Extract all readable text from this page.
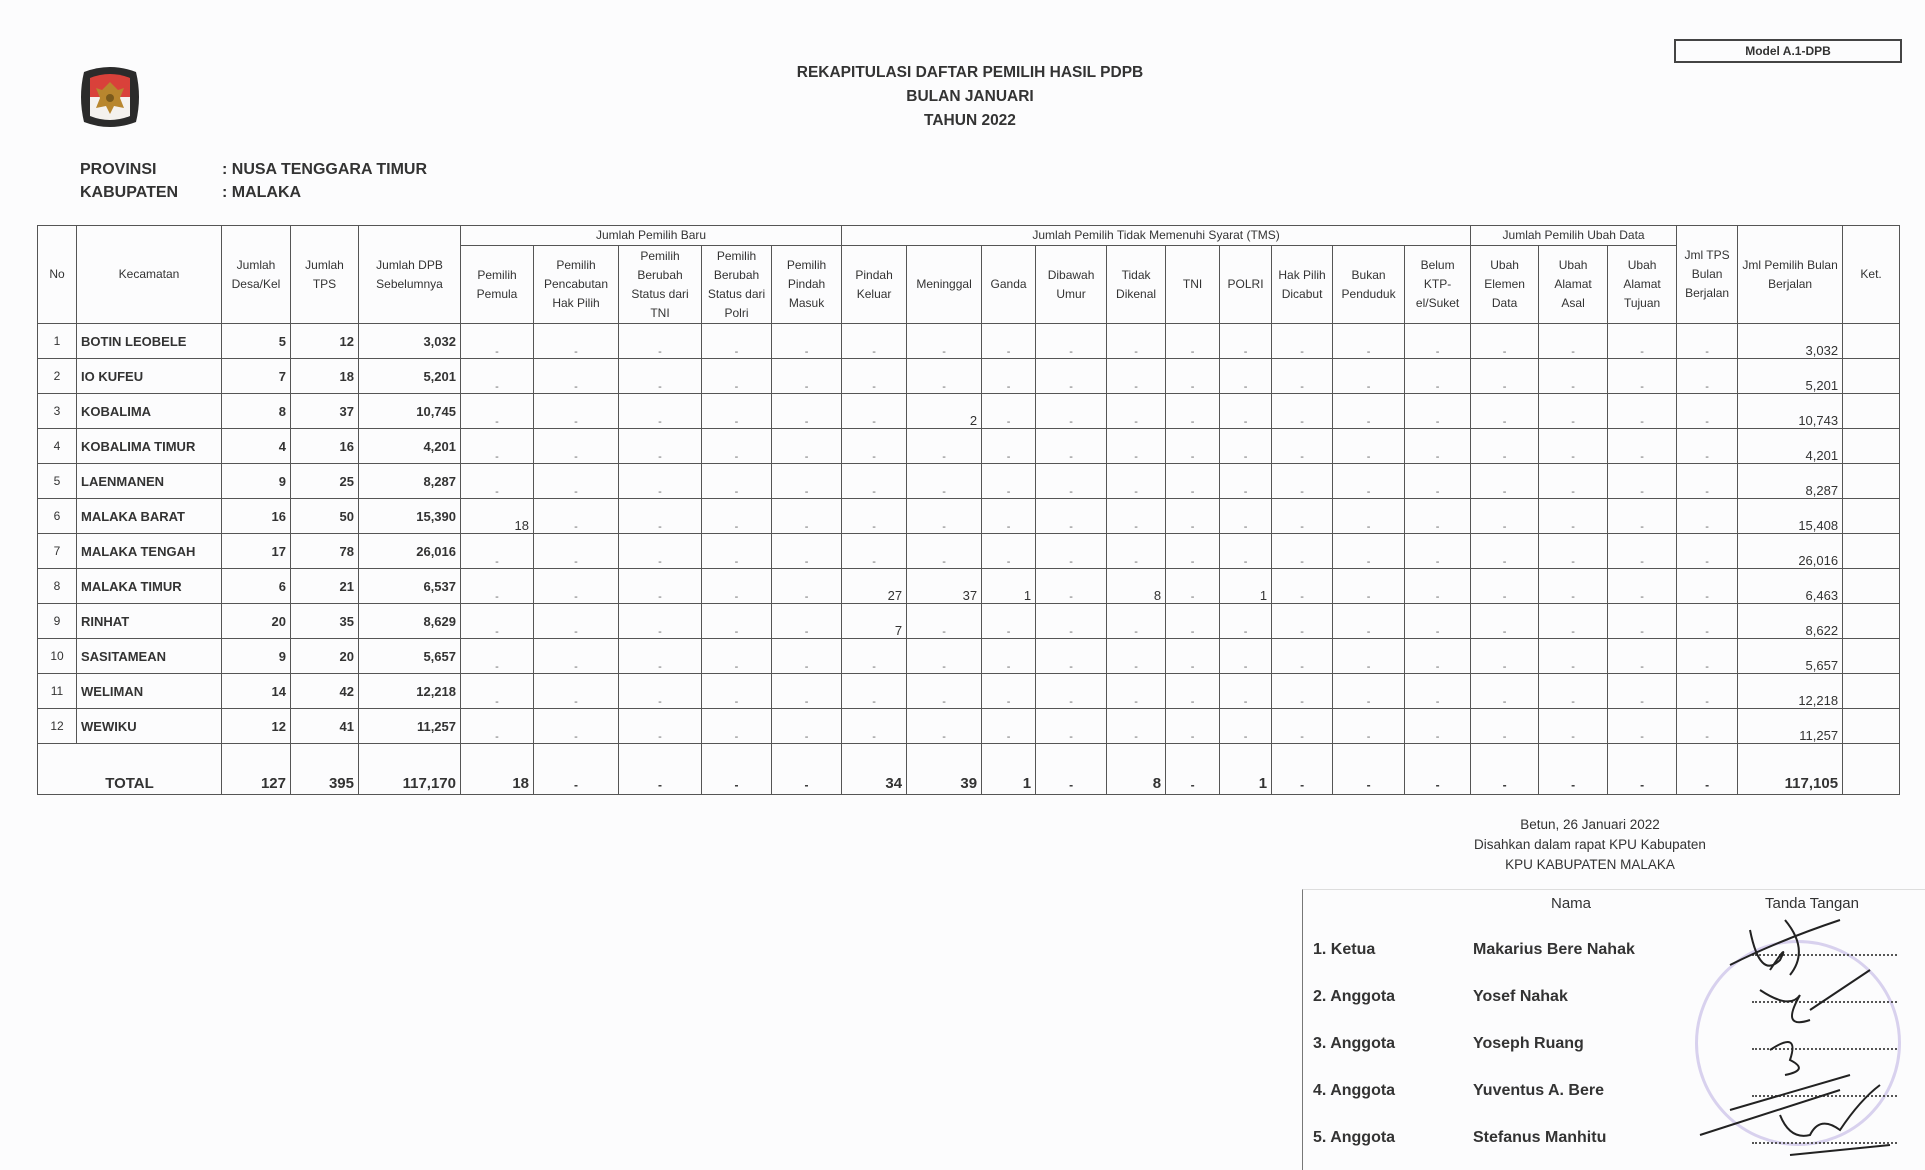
Model A.1-DPB
REKAPITULASI DAFTAR PEMILIH HASIL PDPB
BULAN JANUARI
TAHUN 2022
PROVINSI	: NUSA TENGGARA TIMUR
KABUPATEN	: MALAKA
No	Kecamatan	Jumlah Desa/Kel	Jumlah TPS	Jumlah DPB Sebelumnya	Jumlah Pemilih Baru					Jumlah Pemilih Tidak Memenuhi Syarat (TMS)										Jumlah Pemilih Ubah Data			Jml TPS Bulan Berjalan	Jml Pemilih Bulan Berjalan	Ket.
					Pemilih Pemula	Pemilih Pencabutan Hak Pilih	Pemilih Berubah Status dari TNI	Pemilih Berubah Status dari Polri	Pemilih Pindah Masuk	Pindah Keluar	Meninggal	Ganda	Dibawah Umur	Tidak Dikenal	TNI	POLRI	Hak Pilih Dicabut	Bukan Penduduk	Belum KTP-el/Suket	Ubah Elemen Data	Ubah Alamat Asal	Ubah Alamat Tujuan			
1	BOTIN LEOBELE	5	12	3,032	-	-	-	-	-	-	-	-	-	-	-	-	-	-	-	-	-	-	-	3,032	
2	IO KUFEU	7	18	5,201	-	-	-	-	-	-	-	-	-	-	-	-	-	-	-	-	-	-	-	5,201	
3	KOBALIMA	8	37	10,745	-	-	-	-	-	-	2	-	-	-	-	-	-	-	-	-	-	-	-	10,743	
4	KOBALIMA TIMUR	4	16	4,201	-	-	-	-	-	-	-	-	-	-	-	-	-	-	-	-	-	-	-	4,201	
5	LAENMANEN	9	25	8,287	-	-	-	-	-	-	-	-	-	-	-	-	-	-	-	-	-	-	-	8,287	
6	MALAKA BARAT	16	50	15,390	18	-	-	-	-	-	-	-	-	-	-	-	-	-	-	-	-	-	-	15,408	
7	MALAKA TENGAH	17	78	26,016	-	-	-	-	-	-	-	-	-	-	-	-	-	-	-	-	-	-	-	26,016	
8	MALAKA TIMUR	6	21	6,537	-	-	-	-	-	27	37	1	-	8	-	1	-	-	-	-	-	-	-	6,463	
9	RINHAT	20	35	8,629	-	-	-	-	-	7	-	-	-	-	-	-	-	-	-	-	-	-	-	8,622	
10	SASITAMEAN	9	20	5,657	-	-	-	-	-	-	-	-	-	-	-	-	-	-	-	-	-	-	-	5,657	
11	WELIMAN	14	42	12,218	-	-	-	-	-	-	-	-	-	-	-	-	-	-	-	-	-	-	-	12,218	
12	WEWIKU	12	41	11,257	-	-	-	-	-	-	-	-	-	-	-	-	-	-	-	-	-	-	-	11,257	
TOTAL		127	395	117,170	18	-	-	-	-	34	39	1	-	8	-	1	-	-	-	-	-	-	-	117,105	
Betun, 26 Januari 2022
Disahkan dalam rapat KPU Kabupaten
KPU KABUPATEN MALAKA
Nama	Tanda Tangan
1. Ketua	Makarius Bere Nahak
2. Anggota	Yosef Nahak
3. Anggota	Yoseph Ruang
4. Anggota	Yuventus A. Bere
5. Anggota	Stefanus Manhitu
